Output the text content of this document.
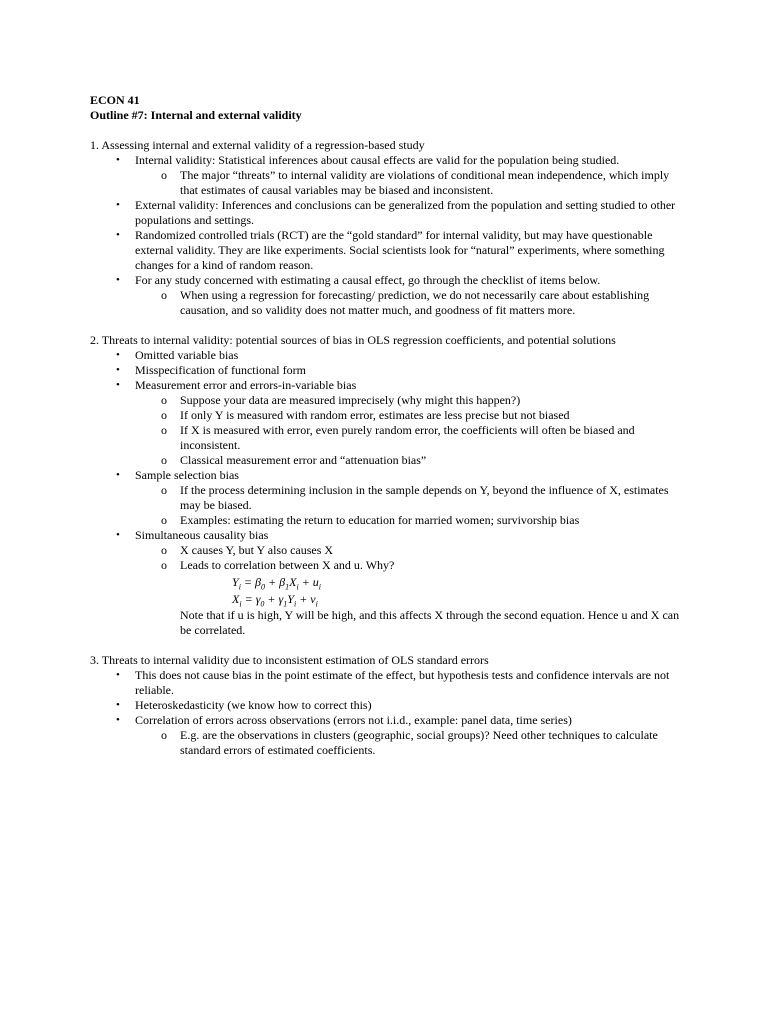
ECON 41
Outline #7: Internal and external validity
1. Assessing internal and external validity of a regression-based study
• Internal validity: Statistical inferences about causal effects are valid for the population being studied.
o The major “threats” to internal validity are violations of conditional mean independence, which imply that estimates of causal variables may be biased and inconsistent.
• External validity: Inferences and conclusions can be generalized from the population and setting studied to other populations and settings.
• Randomized controlled trials (RCT) are the “gold standard” for internal validity, but may have questionable external validity. They are like experiments. Social scientists look for “natural” experiments, where something changes for a kind of random reason.
• For any study concerned with estimating a causal effect, go through the checklist of items below.
o When using a regression for forecasting/ prediction, we do not necessarily care about establishing causation, and so validity does not matter much, and goodness of fit matters more.
2. Threats to internal validity: potential sources of bias in OLS regression coefficients, and potential solutions
• Omitted variable bias
• Misspecification of functional form
• Measurement error and errors-in-variable bias
o Suppose your data are measured imprecisely (why might this happen?)
o If only Y is measured with random error, estimates are less precise but not biased
o If X is measured with error, even purely random error, the coefficients will often be biased and inconsistent.
o Classical measurement error and “attenuation bias”
• Sample selection bias
o If the process determining inclusion in the sample depends on Y, beyond the influence of X, estimates may be biased.
o Examples: estimating the return to education for married women; survivorship bias
• Simultaneous causality bias
o X causes Y, but Y also causes X
o Leads to correlation between X and u. Why?
$Y_i = \beta_0 + \beta_1X_i + u_i$
$X_i = \gamma_0 + \gamma_1Y_i + v_i$
Note that if u is high, Y will be high, and this affects X through the second equation. Hence u and X can be correlated.
3. Threats to internal validity due to inconsistent estimation of OLS standard errors
• This does not cause bias in the point estimate of the effect, but hypothesis tests and confidence intervals are not reliable.
• Heteroskedasticity (we know how to correct this)
• Correlation of errors across observations (errors not i.i.d., example: panel data, time series)
o E.g. are the observations in clusters (geographic, social groups)? Need other techniques to calculate standard errors of estimated coefficients.
